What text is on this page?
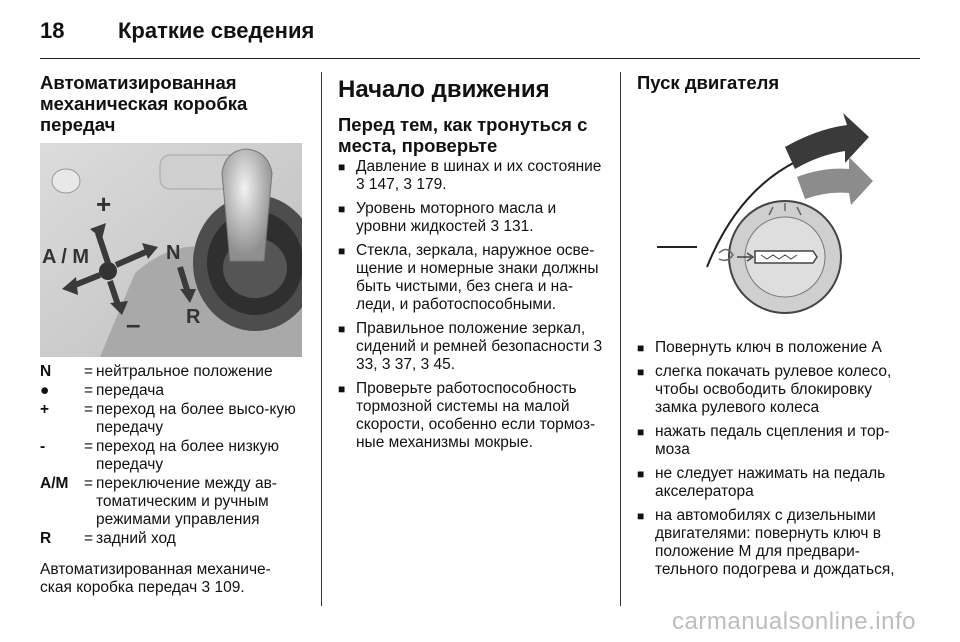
18 Краткие сведения
Автоматизированная механическая коробка передач
+
–
A / M	N
R
N	=	нейтральное положение
●	=	передача
+	=	переход на более высо-кую передачу
-	=	переход на более низкую передачу
A/M	=	переключение между ав-томатическим и ручным режимами управления
R	=	задний ход

Автоматизированная механиче-ская коробка передач 3 109.

Начало движения
Перед тем, как тронуться с места, проверьте
■ Давление в шинах и их состояние 3 147, 3 179.
■ Уровень моторного масла и уровни жидкостей 3 131.
■ Стекла, зеркала, наружное осве-щение и номерные знаки должны быть чистыми, без снега и на-леди, и работоспособными.
■ Правильное положение зеркал, сидений и ремней безопасности 3 33, 3 37, 3 45.
■ Проверьте работоспособность тормозной системы на малой скорости, особенно если тормоз-ные механизмы мокрые.
Пуск двигателя
■ Повернуть ключ в положение A
■ слегка покачать рулевое колесо, чтобы освободить блокировку замка рулевого колеса
■ нажать педаль сцепления и тор-моза
■ не следует нажимать на педаль акселератора
■ на автомобилях с дизельными двигателями: повернуть ключ в положение M для предвари-тельного подогрева и дождаться,
carmanualsonline.info
